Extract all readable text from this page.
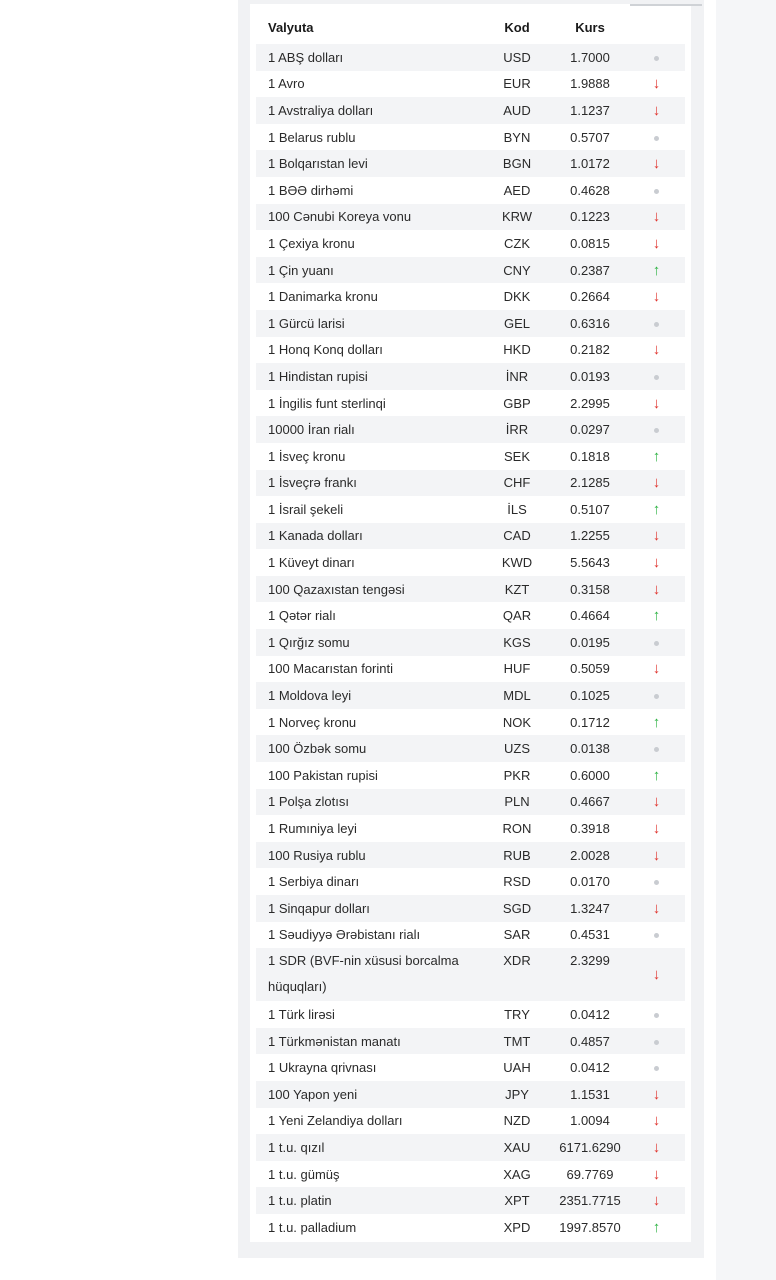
Valyuta	Kod	Kurs	
1 ABŞ dolları	USD	1.7000	
1 Avro	EUR	1.9888	↓
1 Avstraliya dolları	AUD	1.1237	↓
1 Belarus rublu	BYN	0.5707	
1 Bolqarıstan levi	BGN	1.0172	↓
1 BƏƏ dirhəmi	AED	0.4628	
100 Cənubi Koreya vonu	KRW	0.1223	↓
1 Çexiya kronu	CZK	0.0815	↓
1 Çin yuanı	CNY	0.2387	↑
1 Danimarka kronu	DKK	0.2664	↓
1 Gürcü larisi	GEL	0.6316	
1 Honq Konq dolları	HKD	0.2182	↓
1 Hindistan rupisi	İNR	0.0193	
1 İngilis funt sterlinqi	GBP	2.2995	↓
10000 İran rialı	İRR	0.0297	
1 İsveç kronu	SEK	0.1818	↑
1 İsveçrə frankı	CHF	2.1285	↓
1 İsrail şekeli	İLS	0.5107	↑
1 Kanada dolları	CAD	1.2255	↓
1 Küveyt dinarı	KWD	5.5643	↓
100 Qazaxıstan tengəsi	KZT	0.3158	↓
1 Qətər rialı	QAR	0.4664	↑
1 Qırğız somu	KGS	0.0195	
100 Macarıstan forinti	HUF	0.5059	↓
1 Moldova leyi	MDL	0.1025	
1 Norveç kronu	NOK	0.1712	↑
100 Özbək somu	UZS	0.0138	
100 Pakistan rupisi	PKR	0.6000	↑
1 Polşa zlotısı	PLN	0.4667	↓
1 Rumıniya leyi	RON	0.3918	↓
100 Rusiya rublu	RUB	2.0028	↓
1 Serbiya dinarı	RSD	0.0170	
1 Sinqapur dolları	SGD	1.3247	↓
1 Səudiyyə Ərəbistanı rialı	SAR	0.4531	
1 SDR (BVF-nin xüsusi borcalma hüquqları)	XDR	2.3299	↓
1 Türk lirəsi	TRY	0.0412	
1 Türkmənistan manatı	TMT	0.4857	
1 Ukrayna qrivnası	UAH	0.0412	
100 Yapon yeni	JPY	1.1531	↓
1 Yeni Zelandiya dolları	NZD	1.0094	↓
1 t.u. qızıl	XAU	6171.6290	↓
1 t.u. gümüş	XAG	69.7769	↓
1 t.u. platin	XPT	2351.7715	↓
1 t.u. palladium	XPD	1997.8570	↑
